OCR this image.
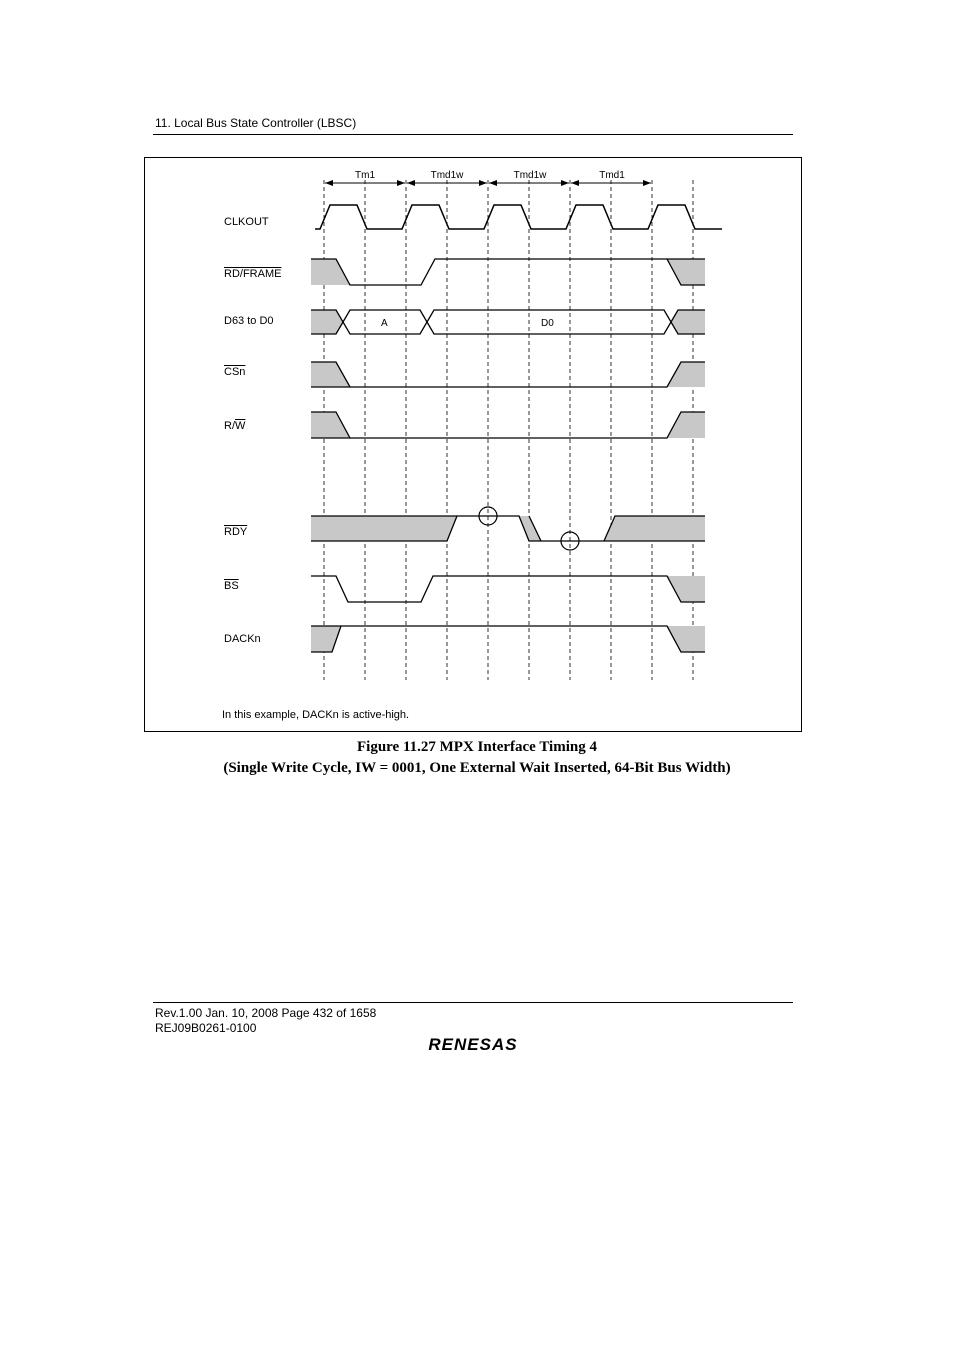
11. Local Bus State Controller (LBSC)
Tm1	Tmd1w	Tmd1w	Tmd1
CLKOUT
RD/FRAME
D63 to D0
$\overline{CSn}$
$R/\overline{W}$
$\overline{RDY}$
$\overline{BS}$
DACKn
A	D0
In this example, DACKn is active-high.
Figure 11.27 MPX Interface Timing 4
(Single Write Cycle, IW = 0001, One External Wait Inserted, 64-Bit Bus Width)
Rev.1.00 Jan. 10, 2008 Page 432 of 1658
REJ09B0261-0100
RENESAS
